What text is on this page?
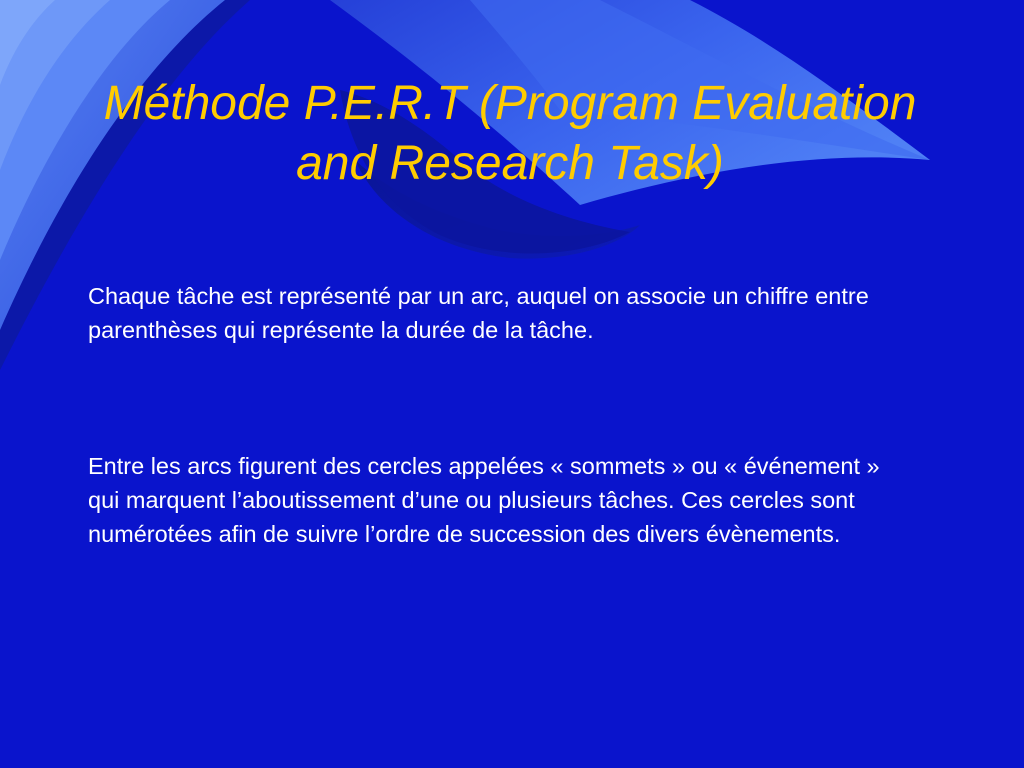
Méthode P.E.R.T (Program Evaluation and Research Task)

Chaque tâche est représenté par un arc, auquel on associe un chiffre entre parenthèses qui représente la durée de la tâche.

Entre les arcs figurent des cercles appelées « sommets » ou « événement » qui marquent l’aboutissement d’une ou plusieurs tâches. Ces cercles sont numérotées afin de suivre l’ordre de succession des divers évènements.
